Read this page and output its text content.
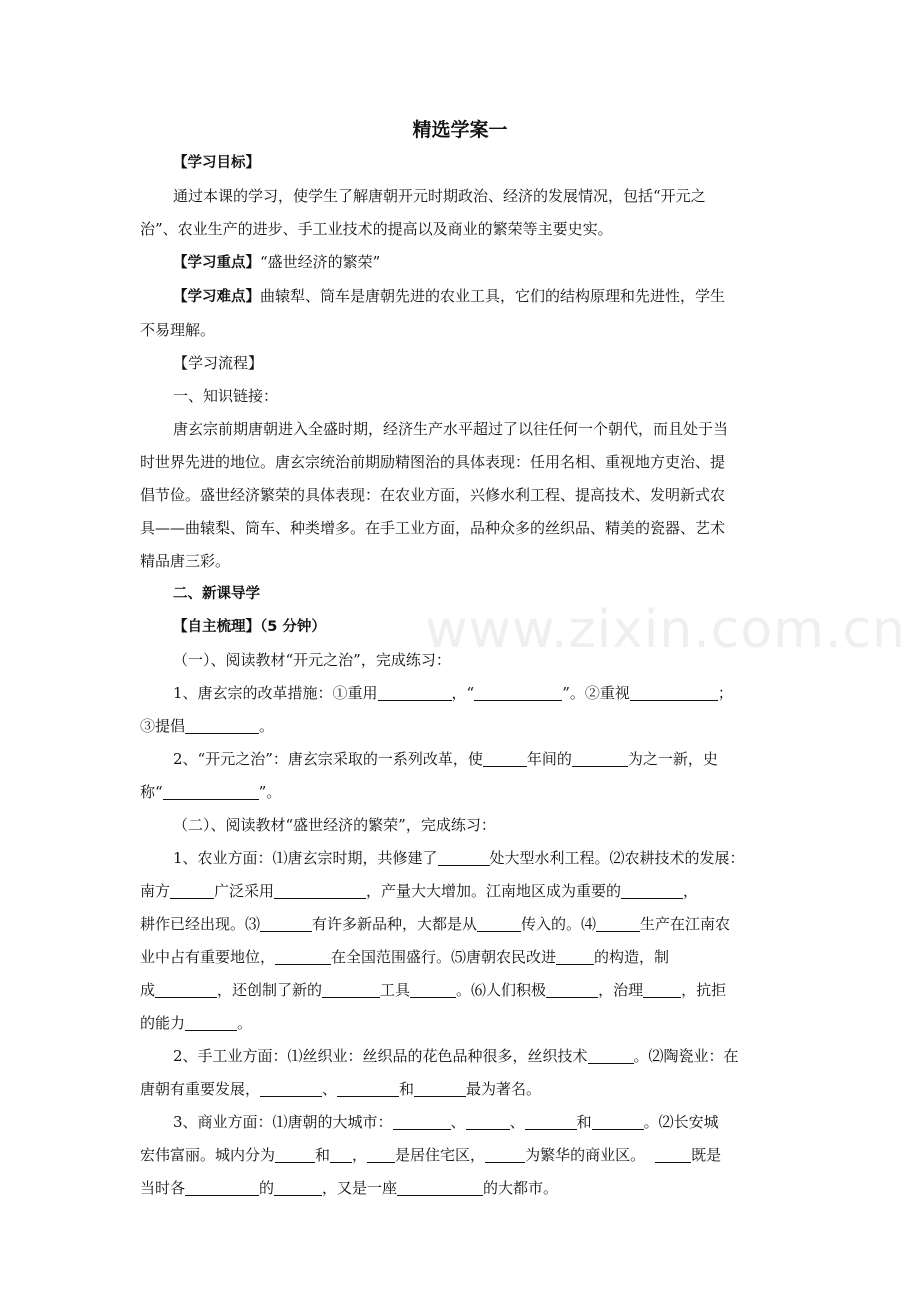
精选学案一
www.zixin.com.cn

【学习目标】

通过本课的学习，使学生了解唐朝开元时期政治、经济的发展情况，包括“开元之

治”、农业生产的进步、手工业技术的提高以及商业的繁荣等主要史实。

【学习重点】“盛世经济的繁荣”

【学习难点】曲辕犁、筒车是唐朝先进的农业工具，它们的结构原理和先进性，学生

不易理解。

【学习流程】

一、知识链接：

唐玄宗前期唐朝进入全盛时期，经济生产水平超过了以往任何一个朝代，而且处于当

时世界先进的地位。唐玄宗统治前期励精图治的具体表现：任用名相、重视地方吏治、提

倡节俭。盛世经济繁荣的具体表现：在农业方面，兴修水利工程、提高技术、发明新式农

具——曲辕梨、筒车、种类增多。在手工业方面，品种众多的丝织品、精美的瓷器、艺术

精品唐三彩。

二、新课导学

【自主梳理】（5 分钟）

（一）、阅读教材“开元之治”，完成练习：

1、唐玄宗的改革措施：①重用	，“	”。②重视	；

③提倡	。

2、“开元之治”：唐玄宗采取的一系列改革，使	年间的	为之一新，史

称“	”。

（二）、阅读教材“盛世经济的繁荣”，完成练习：

1、农业方面：⑴唐玄宗时期，共修建了	处大型水利工程。⑵农耕技术的发展：

南方	广泛采用	，产量大大增加。江南地区成为重要的	，

耕作已经出现。⑶	有许多新品种，大都是从	传入的。⑷	生产在江南农

业中占有重要地位，	在全国范围盛行。⑸唐朝农民改进	的构造，制

成	，还创制了新的	工具	。⑹人们积极	，治理	，抗拒

的能力	。

2、手工业方面：⑴丝织业：丝织品的花色品种很多，丝织技术	。⑵陶瓷业：在

唐朝有重要发展，	、	和	最为著名。

3、商业方面：⑴唐朝的大城市：	、	、	和	。⑵长安城

宏伟富丽。城内分为	和 ， 是居住宅区，	为繁华的商业区。	既是

当时各	的	，又是一座	的大都市。
